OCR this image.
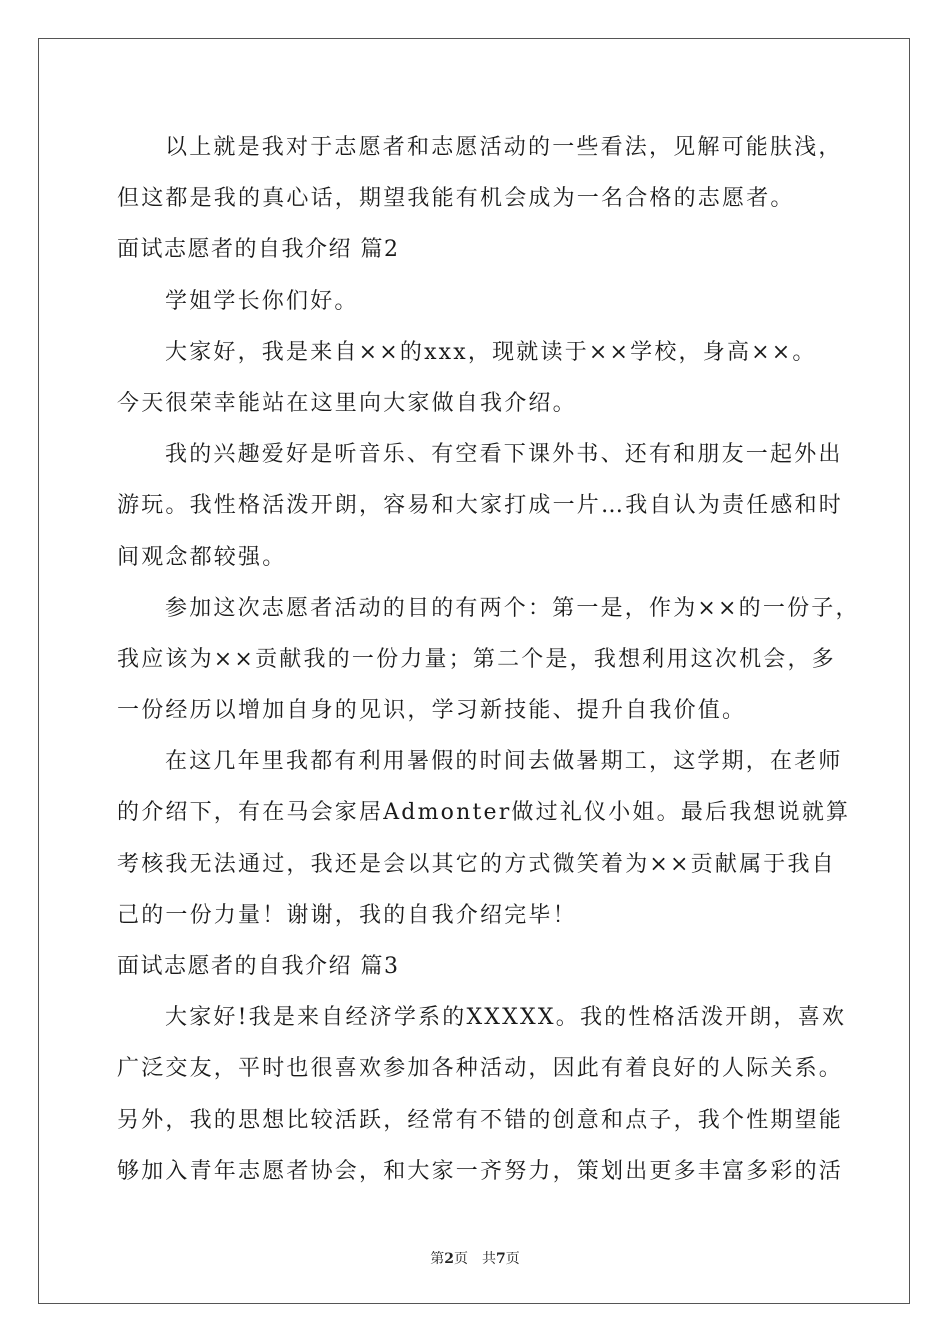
以上就是我对于志愿者和志愿活动的一些看法，见解可能肤浅，
但这都是我的真心话，期望我能有机会成为一名合格的志愿者。
面试志愿者的自我介绍 篇2
学姐学长你们好。
大家好，我是来自××的xxx，现就读于××学校，身高××。
今天很荣幸能站在这里向大家做自我介绍。
我的兴趣爱好是听音乐、有空看下课外书、还有和朋友一起外出
游玩。我性格活泼开朗，容易和大家打成一片…我自认为责任感和时
间观念都较强。
参加这次志愿者活动的目的有两个：第一是，作为××的一份子，
我应该为××贡献我的一份力量；第二个是，我想利用这次机会，多
一份经历以增加自身的见识，学习新技能、提升自我价值。
在这几年里我都有利用暑假的时间去做暑期工，这学期，在老师
的介绍下，有在马会家居Admonter做过礼仪小姐。最后我想说就算
考核我无法通过，我还是会以其它的方式微笑着为××贡献属于我自
己的一份力量！谢谢，我的自我介绍完毕！
面试志愿者的自我介绍 篇3
大家好!我是来自经济学系的XXXXX。我的性格活泼开朗，喜欢
广泛交友，平时也很喜欢参加各种活动，因此有着良好的人际关系。
另外，我的思想比较活跃，经常有不错的创意和点子，我个性期望能
够加入青年志愿者协会，和大家一齐努力，策划出更多丰富多彩的活
第2页 共7页
